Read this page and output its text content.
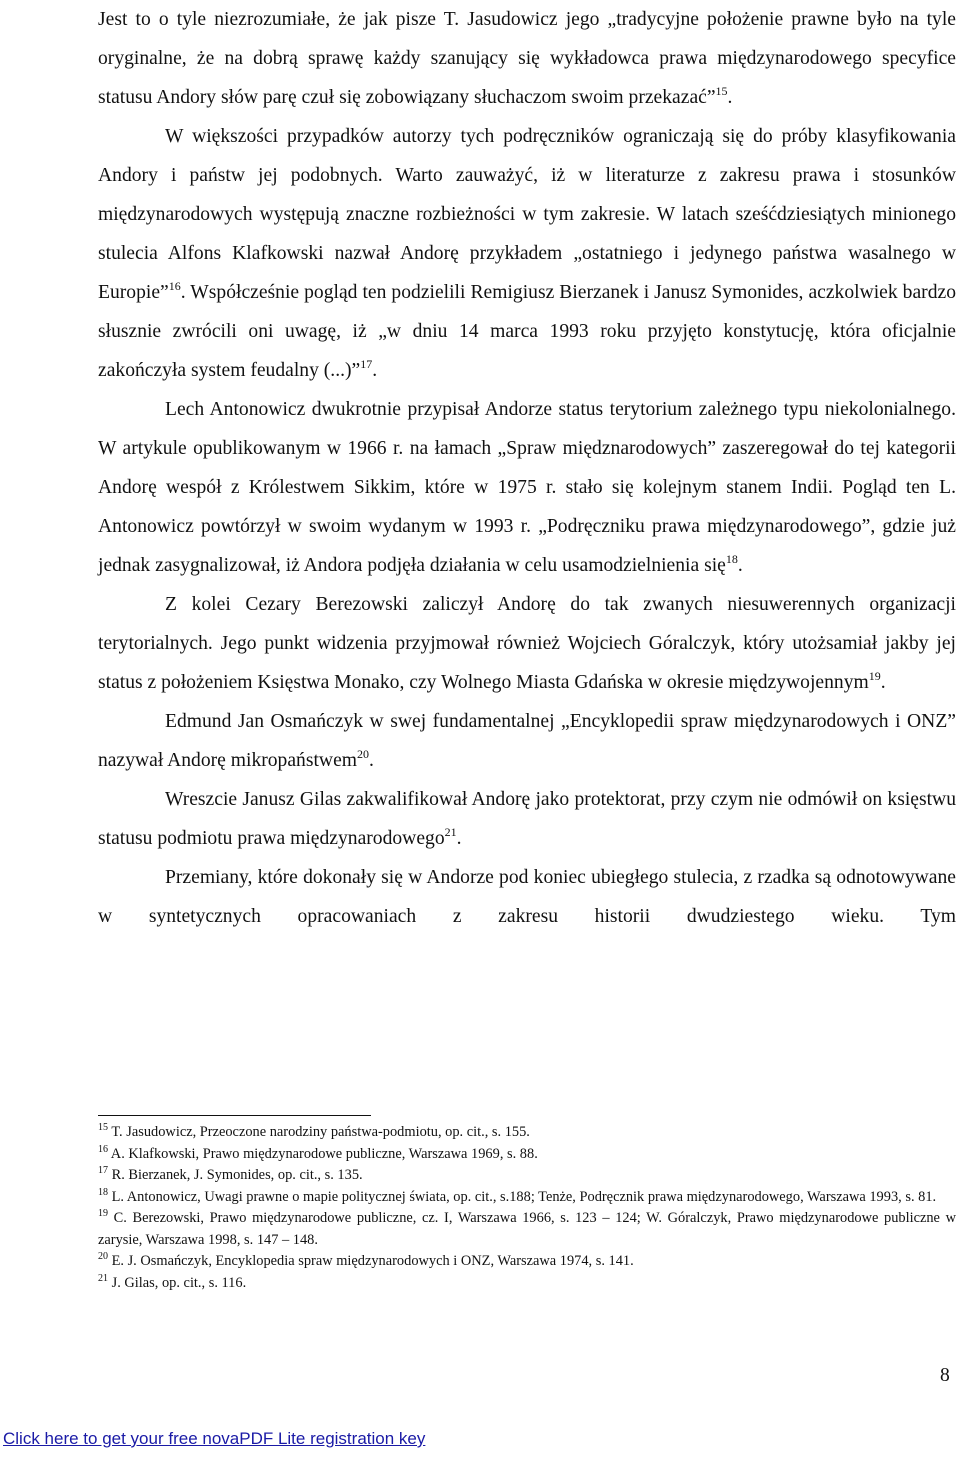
Jest to o tyle niezrozumiałe, że jak pisze T. Jasudowicz jego „tradycyjne położenie prawne było na tyle oryginalne, że na dobrą sprawę każdy szanujący się wykładowca prawa międzynarodowego specyfice statusu Andory słów parę czuł się zobowiązany słuchaczom swoim przekazać”$^{15}$.

W większości przypadków autorzy tych podręczników ograniczają się do próby klasyfikowania Andory i państw jej podobnych. Warto zauważyć, iż w literaturze z zakresu prawa i stosunków międzynarodowych występują znaczne rozbieżności w tym zakresie. W latach sześćdziesiątych minionego stulecia Alfons Klafkowski nazwał Andorę przykładem „ostatniego i jedynego państwa wasalnego w Europie”$^{16}$. Współcześnie pogląd ten podzielili Remigiusz Bierzanek i Janusz Symonides, aczkolwiek bardzo słusznie zwrócili oni uwagę, iż „w dniu 14 marca 1993 roku przyjęto konstytucję, która oficjalnie zakończyła system feudalny (...)”$^{17}$.

Lech Antonowicz dwukrotnie przypisał Andorze status terytorium zależnego typu niekolonialnego. W artykule opublikowanym w 1966 r. na łamach „Spraw międznarodowych” zaszeregował do tej kategorii Andorę wespół z Królestwem Sikkim, które w 1975 r. stało się kolejnym stanem Indii. Pogląd ten L. Antonowicz powtórzył w swoim wydanym w 1993 r. „Podręczniku prawa międzynarodowego”, gdzie już jednak zasygnalizował, iż Andora podjęła działania w celu usamodzielnienia się$^{18}$.

Z kolei Cezary Berezowski zaliczył Andorę do tak zwanych niesuwerennych organizacji terytorialnych. Jego punkt widzenia przyjmował również Wojciech Góralczyk, który utożsamiał jakby jej status z położeniem Księstwa Monako, czy Wolnego Miasta Gdańska w okresie międzywojennym$^{19}$.

Edmund Jan Osmańczyk w swej fundamentalnej „Encyklopedii spraw międzynarodowych i ONZ” nazywał Andorę mikropaństwem$^{20}$.

Wreszcie Janusz Gilas zakwalifikował Andorę jako protektorat, przy czym nie odmówił on księstwu statusu podmiotu prawa międzynarodowego$^{21}$.

Przemiany, które dokonały się w Andorze pod koniec ubiegłego stulecia, z rzadka są odnotowywane w syntetycznych opracowaniach z zakresu historii dwudziestego wieku. Tym

$^{15}$ T. Jasudowicz, Przeoczone narodziny państwa-podmiotu, op. cit., s. 155.

$^{16}$ A. Klafkowski, Prawo międzynarodowe publiczne, Warszawa 1969, s. 88.

$^{17}$ R. Bierzanek, J. Symonides, op. cit., s. 135.

$^{18}$ L. Antonowicz, Uwagi prawne o mapie politycznej świata, op. cit., s.188; Tenże, Podręcznik prawa międzynarodowego, Warszawa 1993, s. 81.

$^{19}$ C. Berezowski, Prawo międzynarodowe publiczne, cz. I, Warszawa 1966, s. 123 – 124; W. Góralczyk, Prawo międzynarodowe publiczne w zarysie, Warszawa 1998, s. 147 – 148.

$^{20}$ E. J. Osmańczyk, Encyklopedia spraw międzynarodowych i ONZ, Warszawa 1974, s. 141.

$^{21}$ J. Gilas, op. cit., s. 116.

8
Click here to get your free novaPDF Lite registration key
